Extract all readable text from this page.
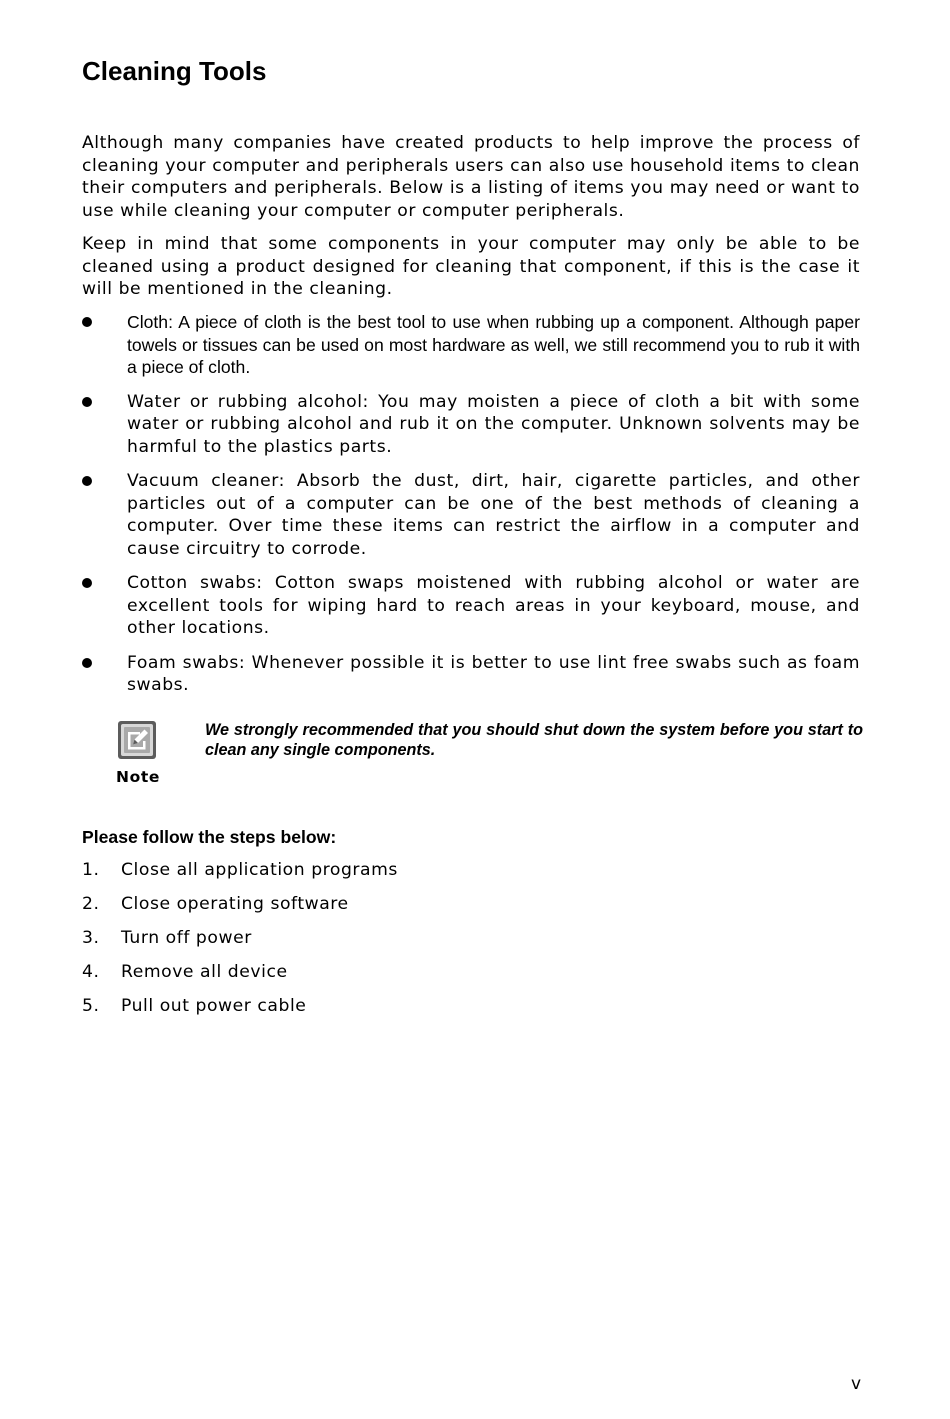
Cleaning Tools

Although many companies have created products to help improve the process of cleaning your computer and peripherals users can also use household items to clean their computers and peripherals. Below is a listing of items you may need or want to use while cleaning your computer or computer peripherals.

Keep in mind that some components in your computer may only be able to be cleaned using a product designed for cleaning that component, if this is the case it will be mentioned in the cleaning.

Cloth: A piece of cloth is the best tool to use when rubbing up a component. Although paper towels or tissues can be used on most hardware as well, we still recommend you to rub it with a piece of cloth.
Water or rubbing alcohol: You may moisten a piece of cloth a bit with some water or rubbing alcohol and rub it on the computer. Unknown solvents may be harmful to the plastics parts.
Vacuum cleaner: Absorb the dust, dirt, hair, cigarette particles, and other particles out of a computer can be one of the best methods of cleaning a computer. Over time these items can restrict the airflow in a computer and cause circuitry to corrode.
Cotton swabs: Cotton swaps moistened with rubbing alcohol or water are excellent tools for wiping hard to reach areas in your keyboard, mouse, and other locations.
Foam swabs: Whenever possible it is better to use lint free swabs such as foam swabs.
Note

We strongly recommended that you should shut down the system before you start to clean any single components.

Please follow the steps below:
1. Close all application programs
2. Close operating software
3. Turn off power
4. Remove all device
5. Pull out power cable
v
